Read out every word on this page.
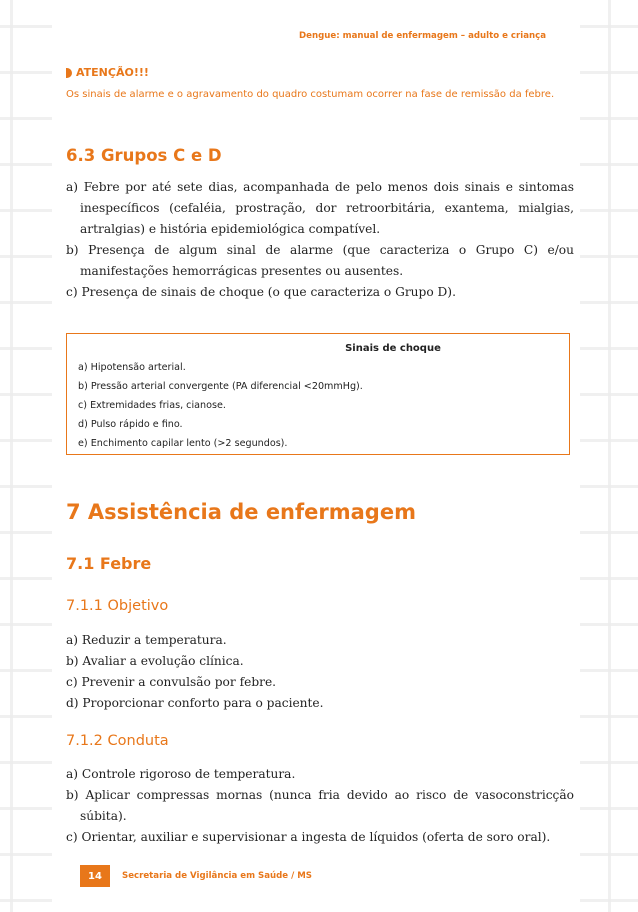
Dengue: manual de enfermagem – adulto e criança
ATENÇÃO!!!
Os sinais de alarme e o agravamento do quadro costumam ocorrer na fase de remissão da febre.
6.3 Grupos C e D
a) Febre por até sete dias, acompanhada de pelo menos dois sinais e sintomas inespecíficos (cefaléia, prostração, dor retroorbitária, exantema, mialgias, artralgias) e história epidemiológica compatível.
b) Presença de algum sinal de alarme (que caracteriza o Grupo C) e/ou manifestações hemorrágicas presentes ou ausentes.
c) Presença de sinais de choque (o que caracteriza o Grupo D).
Sinais de choque
a) Hipotensão arterial.
b) Pressão arterial convergente (PA diferencial <20mmHg).
c) Extremidades frias, cianose.
d) Pulso rápido e fino.
e) Enchimento capilar lento (>2 segundos).
7 Assistência de enfermagem
7.1 Febre
7.1.1 Objetivo
a) Reduzir a temperatura.
b) Avaliar a evolução clínica.
c) Prevenir a convulsão por febre.
d) Proporcionar conforto para o paciente.
7.1.2 Conduta
a) Controle rigoroso de temperatura.
b) Aplicar compressas mornas (nunca fria devido ao risco de vasoconstricção súbita).
c) Orientar, auxiliar e supervisionar a ingesta de líquidos (oferta de soro oral).
14	Secretaria de Vigilância em Saúde / MS
